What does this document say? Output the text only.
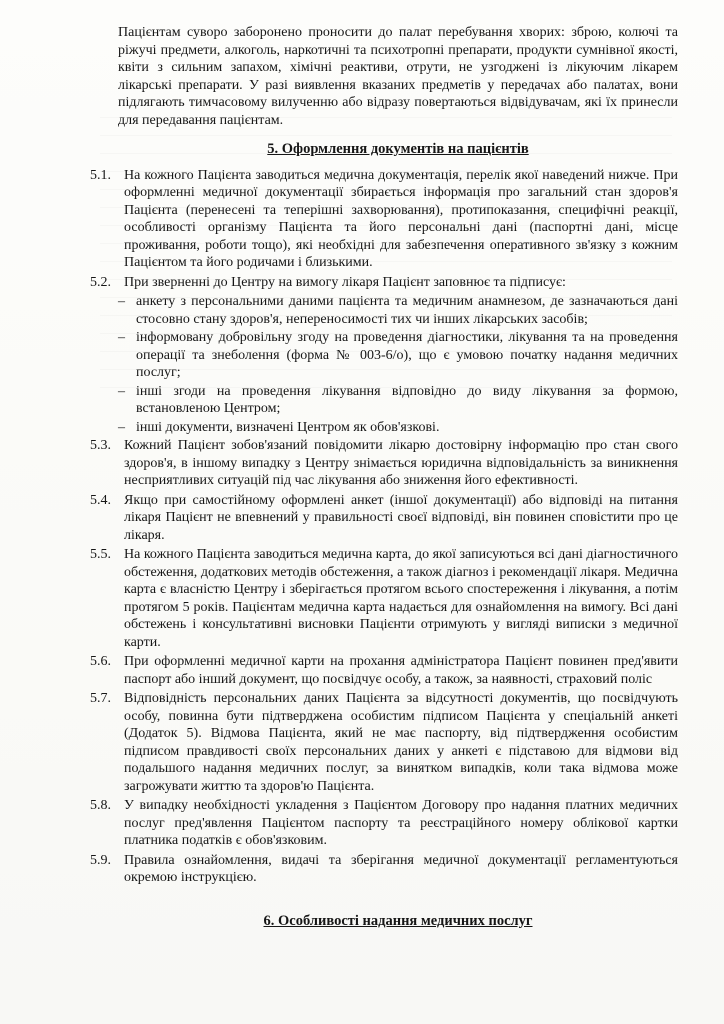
Пацієнтам суворо заборонено проносити до палат перебування хворих: зброю, колючі та ріжучі предмети, алкоголь, наркотичні та психотропні препарати, продукти сумнівної якості, квіти з сильним запахом, хімічні реактиви, отрути, не узгоджені із лікуючим лікарем лікарські препарати. У разі виявлення вказаних предметів у передачах або палатах, вони підлягають тимчасовому вилученню або відразу повертаються відвідувачам, які їх принесли для передавання пацієнтам.

5. Оформлення документів на пацієнтів
5.1. На кожного Пацієнта заводиться медична документація, перелік якої наведений нижче. При оформленні медичної документації збирається інформація про загальний стан здоров'я Пацієнта (перенесені та теперішні захворювання), протипоказання, специфічні реакції, особливості організму Пацієнта та його персональні дані (паспортні дані, місце проживання, роботи тощо), які необхідні для забезпечення оперативного зв'язку з кожним Пацієнтом та його родичами і близькими.
5.2. При зверненні до Центру на вимогу лікаря Пацієнт заповнює та підписує:
– анкету з персональними даними пацієнта та медичним анамнезом, де зазначаються дані стосовно стану здоров'я, непереносимості тих чи інших лікарських засобів;
– інформовану добровільну згоду на проведення діагностики, лікування та на проведення операції та знеболення (форма № 003-6/о), що є умовою початку надання медичних послуг;
– інші згоди на проведення лікування відповідно до виду лікування за формою, встановленою Центром;
– інші документи, визначені Центром як обов'язкові.
5.3. Кожний Пацієнт зобов'язаний повідомити лікарю достовірну інформацію про стан свого здоров'я, в іншому випадку з Центру знімається юридична відповідальність за виникнення несприятливих ситуацій під час лікування або зниження його ефективності.
5.4. Якщо при самостійному оформлені анкет (іншої документації) або відповіді на питання лікаря Пацієнт не впевнений у правильності своєї відповіді, він повинен сповістити про це лікаря.
5.5. На кожного Пацієнта заводиться медична карта, до якої записуються всі дані діагностичного обстеження, додаткових методів обстеження, а також діагноз і рекомендації лікаря. Медична карта є власністю Центру і зберігається протягом всього спостереження і лікування, а потім протягом 5 років. Пацієнтам медична карта надається для ознайомлення на вимогу. Всі дані обстежень і консультативні висновки Пацієнти отримують у вигляді виписки з медичної карти.
5.6. При оформленні медичної карти на прохання адміністратора Пацієнт повинен пред'явити паспорт або інший документ, що посвідчує особу, а також, за наявності, страховий поліс
5.7. Відповідність персональних даних Пацієнта за відсутності документів, що посвідчують особу, повинна бути підтверджена особистим підписом Пацієнта у спеціальній анкеті (Додаток 5). Відмова Пацієнта, який не має паспорту, від підтвердження особистим підписом правдивості своїх персональних даних у анкеті є підставою для відмови від подальшого надання медичних послуг, за винятком випадків, коли така відмова може загрожувати життю та здоров'ю Пацієнта.
5.8. У випадку необхідності укладення з Пацієнтом Договору про надання платних медичних послуг пред'явлення Пацієнтом паспорту та реєстраційного номеру облікової картки платника податків є обов'язковим.
5.9. Правила ознайомлення, видачі та зберігання медичної документації регламентуються окремою інструкцією.
6. Особливості надання медичних послуг
